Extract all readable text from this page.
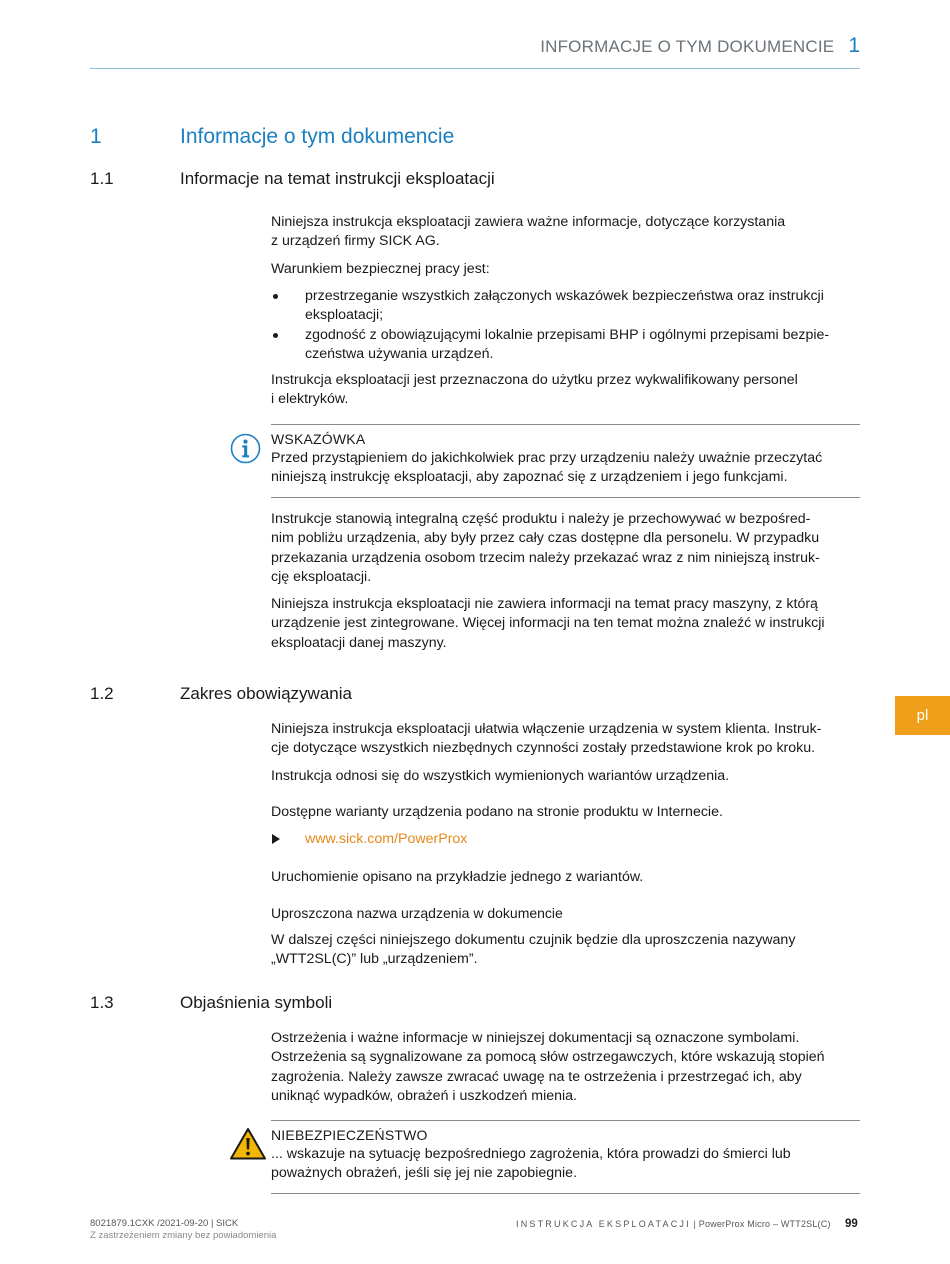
INFORMACJE O TYM DOKUMENCIE 1
1	Informacje o tym dokumencie
1.1	Informacje na temat instrukcji eksploatacji

Niniejsza instrukcja eksploatacji zawiera ważne informacje, dotyczące korzystania

z urządzeń firmy SICK AG.

Warunkiem bezpiecznej pracy jest:

przestrzeganie wszystkich załączonych wskazówek bezpieczeństwa oraz instrukcji

eksploatacji;

zgodność z obowiązującymi lokalnie przepisami BHP i ogólnymi przepisami bezpie-

czeństwa używania urządzeń.

Instrukcja eksploatacji jest przeznaczona do użytku przez wykwalifikowany personel

i elektryków.

WSKAZÓWKA

Przed przystąpieniem do jakichkolwiek prac przy urządzeniu należy uważnie przeczytać

niniejszą instrukcję eksploatacji, aby zapoznać się z urządzeniem i jego funkcjami.

Instrukcje stanowią integralną część produktu i należy je przechowywać w bezpośred-

nim pobliżu urządzenia, aby były przez cały czas dostępne dla personelu. W przypadku

przekazania urządzenia osobom trzecim należy przekazać wraz z nim niniejszą instruk-

cję eksploatacji.

Niniejsza instrukcja eksploatacji nie zawiera informacji na temat pracy maszyny, z którą

urządzenie jest zintegrowane. Więcej informacji na ten temat można znaleźć w instrukcji

eksploatacji danej maszyny.

1.2	Zakres obowiązywania

Niniejsza instrukcja eksploatacji ułatwia włączenie urządzenia w system klienta. Instruk-

cje dotyczące wszystkich niezbędnych czynności zostały przedstawione krok po kroku.

Instrukcja odnosi się do wszystkich wymienionych wariantów urządzenia.

Dostępne warianty urządzenia podano na stronie produktu w Internecie.

www.sick.com/PowerProx

Uruchomienie opisano na przykładzie jednego z wariantów.

Uproszczona nazwa urządzenia w dokumencie

W dalszej części niniejszego dokumentu czujnik będzie dla uproszczenia nazywany

„WTT2SL(C)” lub „urządzeniem”.

1.3	Objaśnienia symboli

Ostrzeżenia i ważne informacje w niniejszej dokumentacji są oznaczone symbolami.

Ostrzeżenia są sygnalizowane za pomocą słów ostrzegawczych, które wskazują stopień

zagrożenia. Należy zawsze zwracać uwagę na te ostrzeżenia i przestrzegać ich, aby

uniknąć wypadków, obrażeń i uszkodzeń mienia.

NIEBEZPIECZEŃSTWO

... wskazuje na sytuację bezpośredniego zagrożenia, która prowadzi do śmierci lub

poważnych obrażeń, jeśli się jej nie zapobiegnie.

pl
8021879.1CXK /2021-09-20 | SICK
Z zastrzeżeniem zmiany bez powiadomienia
INSTRUKCJA EKSPLOATACJI | PowerProx Micro – WTT2SL(C) 99
